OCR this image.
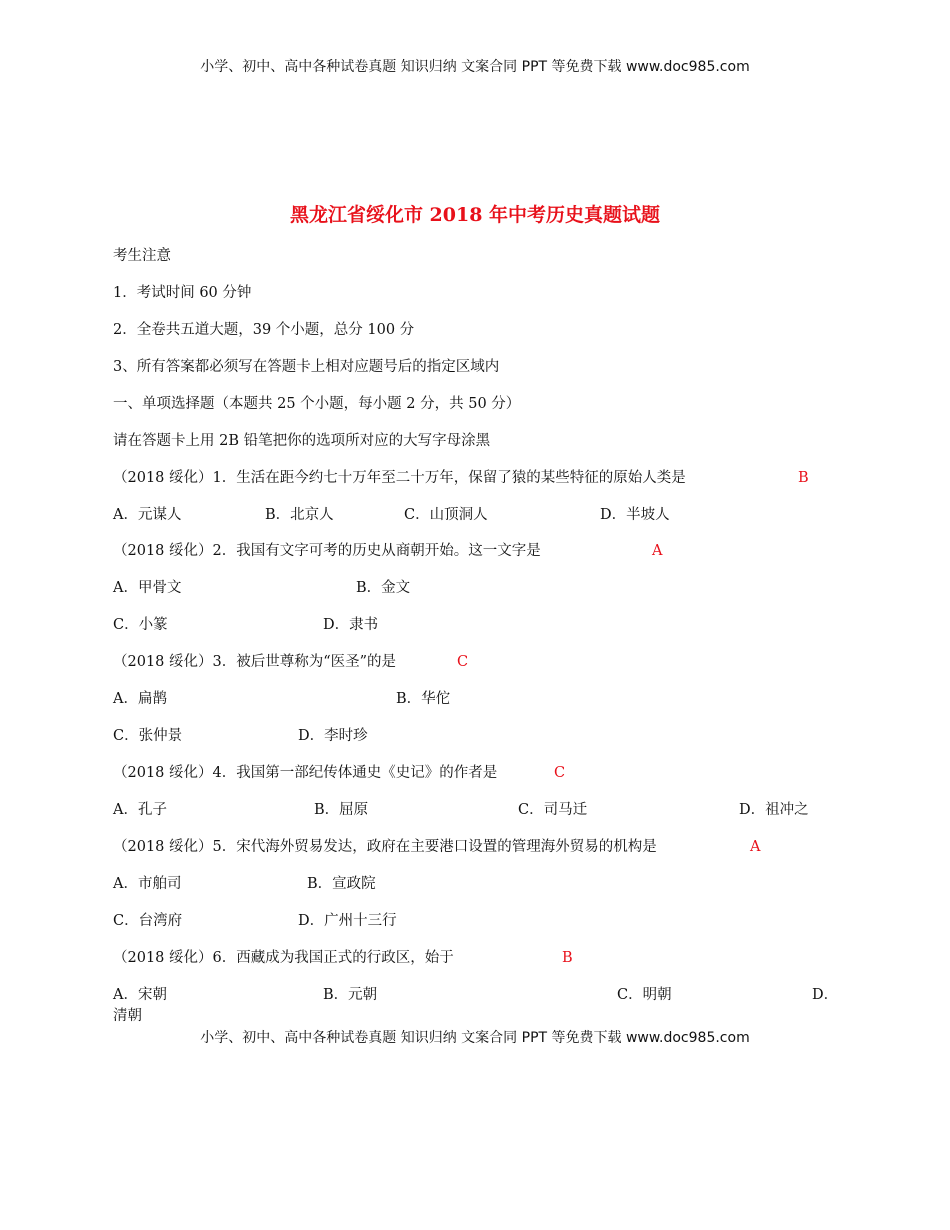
小学、初中、高中各种试卷真题 知识归纳 文案合同 PPT 等免费下载 www.doc985.com
黑龙江省绥化市 2018 年中考历史真题试题
考生注意
1．考试时间 60 分钟
2．全卷共五道大题，39 个小题，总分 100 分
3、所有答案都必须写在答题卡上相对应题号后的指定区域内
一、单项选择题（本题共 25 个小题，每小题 2 分，共 50 分）
请在答题卡上用 2B 铅笔把你的选项所对应的大写字母涂黑
（2018 绥化）1．生活在距今约七十万年至二十万年，保留了猿的某些特征的原始人类是	B
A．元谋人	B．北京人	C．山顶洞人	D．半坡人
（2018 绥化）2．我国有文字可考的历史从商朝开始。这一文字是	A
A．甲骨文	B．金文
C．小篆	D．隶书
（2018 绥化）3．被后世尊称为“医圣”的是	C
A．扁鹊	B．华佗
C．张仲景	D．李时珍
（2018 绥化）4．我国第一部纪传体通史《史记》的作者是	C
A．孔子	B．屈原	C．司马迁	D．祖冲之
（2018 绥化）5．宋代海外贸易发达，政府在主要港口设置的管理海外贸易的机构是	A
A．市舶司	B．宣政院
C．台湾府	D．广州十三行
（2018 绥化）6．西藏成为我国正式的行政区，始于	B
A．宋朝	B．元朝	C．明朝	D．
清朝
小学、初中、高中各种试卷真题 知识归纳 文案合同 PPT 等免费下载 www.doc985.com
